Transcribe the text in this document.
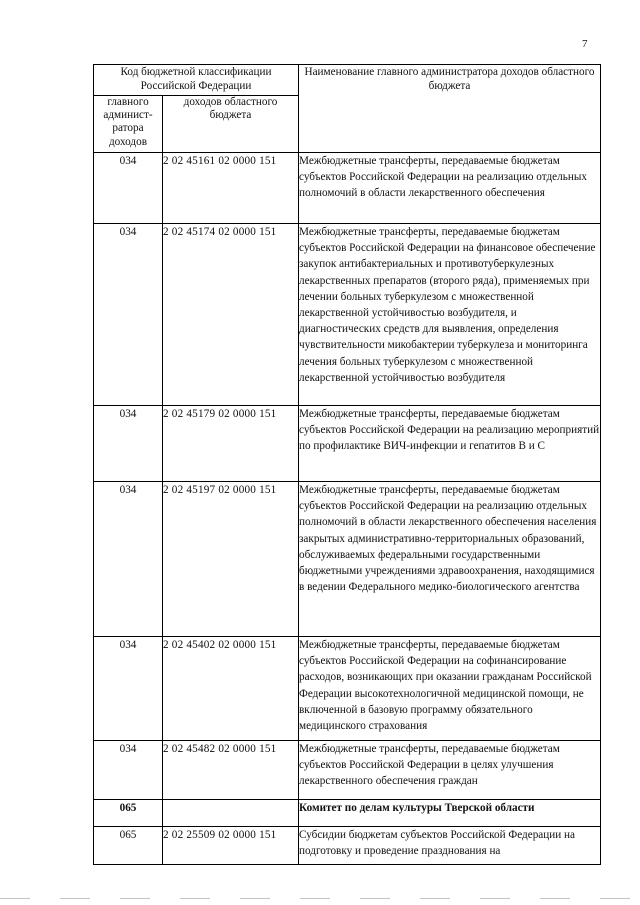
7
Код бюджетной классификации Российской Федерации		Наименование главного администратора доходов областного бюджета
главного админист-ратора доходов	доходов областного бюджета	
034	2 02 45161 02 0000 151	Межбюджетные трансферты, передаваемые бюджетам субъектов Российской Федерации на реализацию отдельных полномочий в области лекарственного обеспечения
034	2 02 45174 02 0000 151	Межбюджетные трансферты, передаваемые бюджетам субъектов Российской Федерации на финансовое обеспечение закупок антибактериальных и противотуберкулезных лекарственных препаратов (второго ряда), применяемых при лечении больных туберкулезом с множественной лекарственной устойчивостью возбудителя, и диагностических средств для выявления, определения чувствительности микобактерии туберкулеза и мониторинга лечения больных туберкулезом с множественной лекарственной устойчивостью возбудителя
034	2 02 45179 02 0000 151	Межбюджетные трансферты, передаваемые бюджетам субъектов Российской Федерации на реализацию мероприятий по профилактике ВИЧ-инфекции и гепатитов В и С
034	2 02 45197 02 0000 151	Межбюджетные трансферты, передаваемые бюджетам субъектов Российской Федерации на реализацию отдельных полномочий в области лекарственного обеспечения населения закрытых административно-территориальных образований, обслуживаемых федеральными государственными бюджетными учреждениями здравоохранения, находящимися в ведении Федерального медико-биологического агентства
034	2 02 45402 02 0000 151	Межбюджетные трансферты, передаваемые бюджетам субъектов Российской Федерации на софинансирование расходов, возникающих при оказании гражданам Российской Федерации высокотехнологичной медицинской помощи, не включенной в базовую программу обязательного медицинского страхования
034	2 02 45482 02 0000 151	Межбюджетные трансферты, передаваемые бюджетам субъектов Российской Федерации в целях улучшения лекарственного обеспечения граждан
065		Комитет по делам культуры Тверской области
065	2 02 25509 02 0000 151	Субсидии бюджетам субъектов Российской Федерации на подготовку и проведение празднования на
